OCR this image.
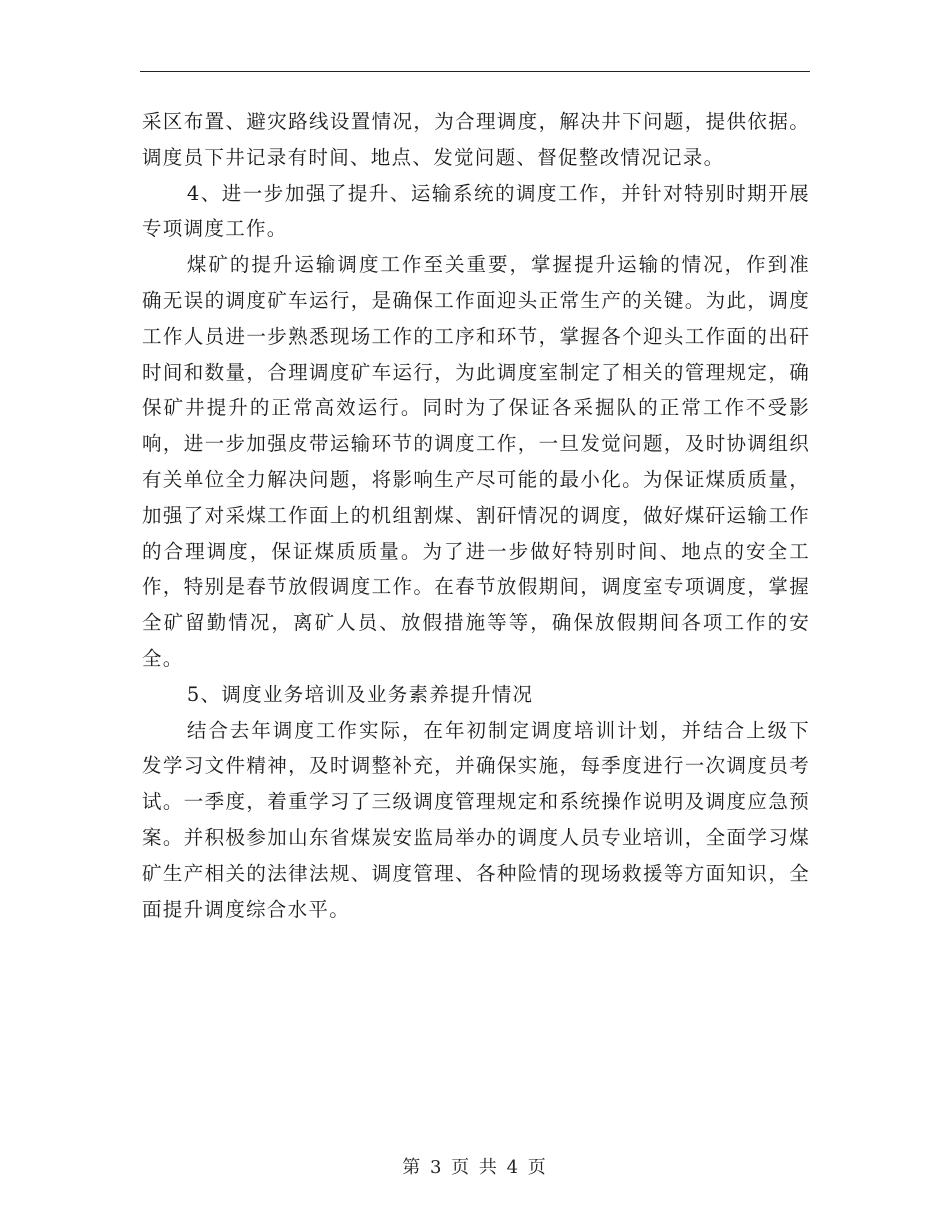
采区布置、避灾路线设置情况，为合理调度，解决井下问题，提供依据。调度员下井记录有时间、地点、发觉问题、督促整改情况记录。

4、进一步加强了提升、运输系统的调度工作，并针对特别时期开展专项调度工作。

煤矿的提升运输调度工作至关重要，掌握提升运输的情况，作到准确无误的调度矿车运行，是确保工作面迎头正常生产的关键。为此，调度工作人员进一步熟悉现场工作的工序和环节，掌握各个迎头工作面的出矸时间和数量，合理调度矿车运行，为此调度室制定了相关的管理规定，确保矿井提升的正常高效运行。同时为了保证各采掘队的正常工作不受影响，进一步加强皮带运输环节的调度工作，一旦发觉问题，及时协调组织有关单位全力解决问题，将影响生产尽可能的最小化。为保证煤质质量，加强了对采煤工作面上的机组割煤、割矸情况的调度，做好煤矸运输工作的合理调度，保证煤质质量。为了进一步做好特别时间、地点的安全工作，特别是春节放假调度工作。在春节放假期间，调度室专项调度，掌握全矿留勤情况，离矿人员、放假措施等等，确保放假期间各项工作的安全。

5、调度业务培训及业务素养提升情况

结合去年调度工作实际，在年初制定调度培训计划，并结合上级下发学习文件精神，及时调整补充，并确保实施，每季度进行一次调度员考试。一季度，着重学习了三级调度管理规定和系统操作说明及调度应急预案。并积极参加山东省煤炭安监局举办的调度人员专业培训，全面学习煤矿生产相关的法律法规、调度管理、各种险情的现场救援等方面知识，全面提升调度综合水平。

第 3 页 共 4 页
